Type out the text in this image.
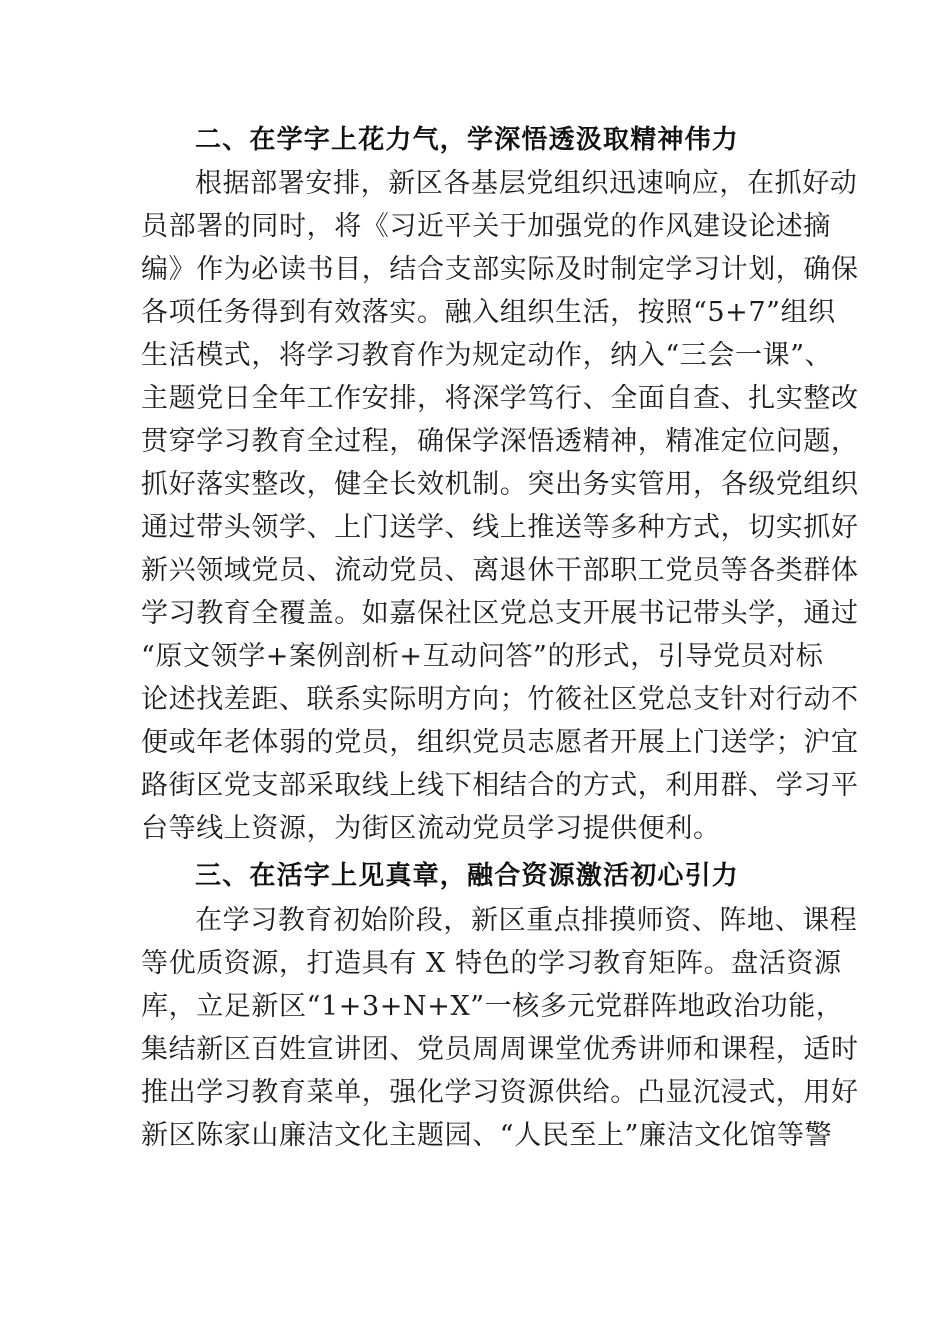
二、在学字上花力气，学深悟透汲取精神伟力
根据部署安排，新区各基层党组织迅速响应，在抓好动
员部署的同时，将《习近平关于加强党的作风建设论述摘
编》作为必读书目，结合支部实际及时制定学习计划，确保
各项任务得到有效落实。融入组织生活，按照“5+7”组织
生活模式，将学习教育作为规定动作，纳入“三会一课”、
主题党日全年工作安排，将深学笃行、全面自查、扎实整改
贯穿学习教育全过程，确保学深悟透精神，精准定位问题，
抓好落实整改，健全长效机制。突出务实管用，各级党组织
通过带头领学、上门送学、线上推送等多种方式，切实抓好
新兴领域党员、流动党员、离退休干部职工党员等各类群体
学习教育全覆盖。如嘉保社区党总支开展书记带头学，通过
“原文领学+案例剖析+互动问答”的形式，引导党员对标
论述找差距、联系实际明方向；竹筱社区党总支针对行动不
便或年老体弱的党员，组织党员志愿者开展上门送学；沪宜
路街区党支部采取线上线下相结合的方式，利用群、学习平
台等线上资源，为街区流动党员学习提供便利。
三、在活字上见真章，融合资源激活初心引力
在学习教育初始阶段，新区重点排摸师资、阵地、课程
等优质资源，打造具有 X 特色的学习教育矩阵。盘活资源
库，立足新区“1+3+N+X”一核多元党群阵地政治功能，
集结新区百姓宣讲团、党员周周课堂优秀讲师和课程，适时
推出学习教育菜单，强化学习资源供给。凸显沉浸式，用好
新区陈家山廉洁文化主题园、“人民至上”廉洁文化馆等警
